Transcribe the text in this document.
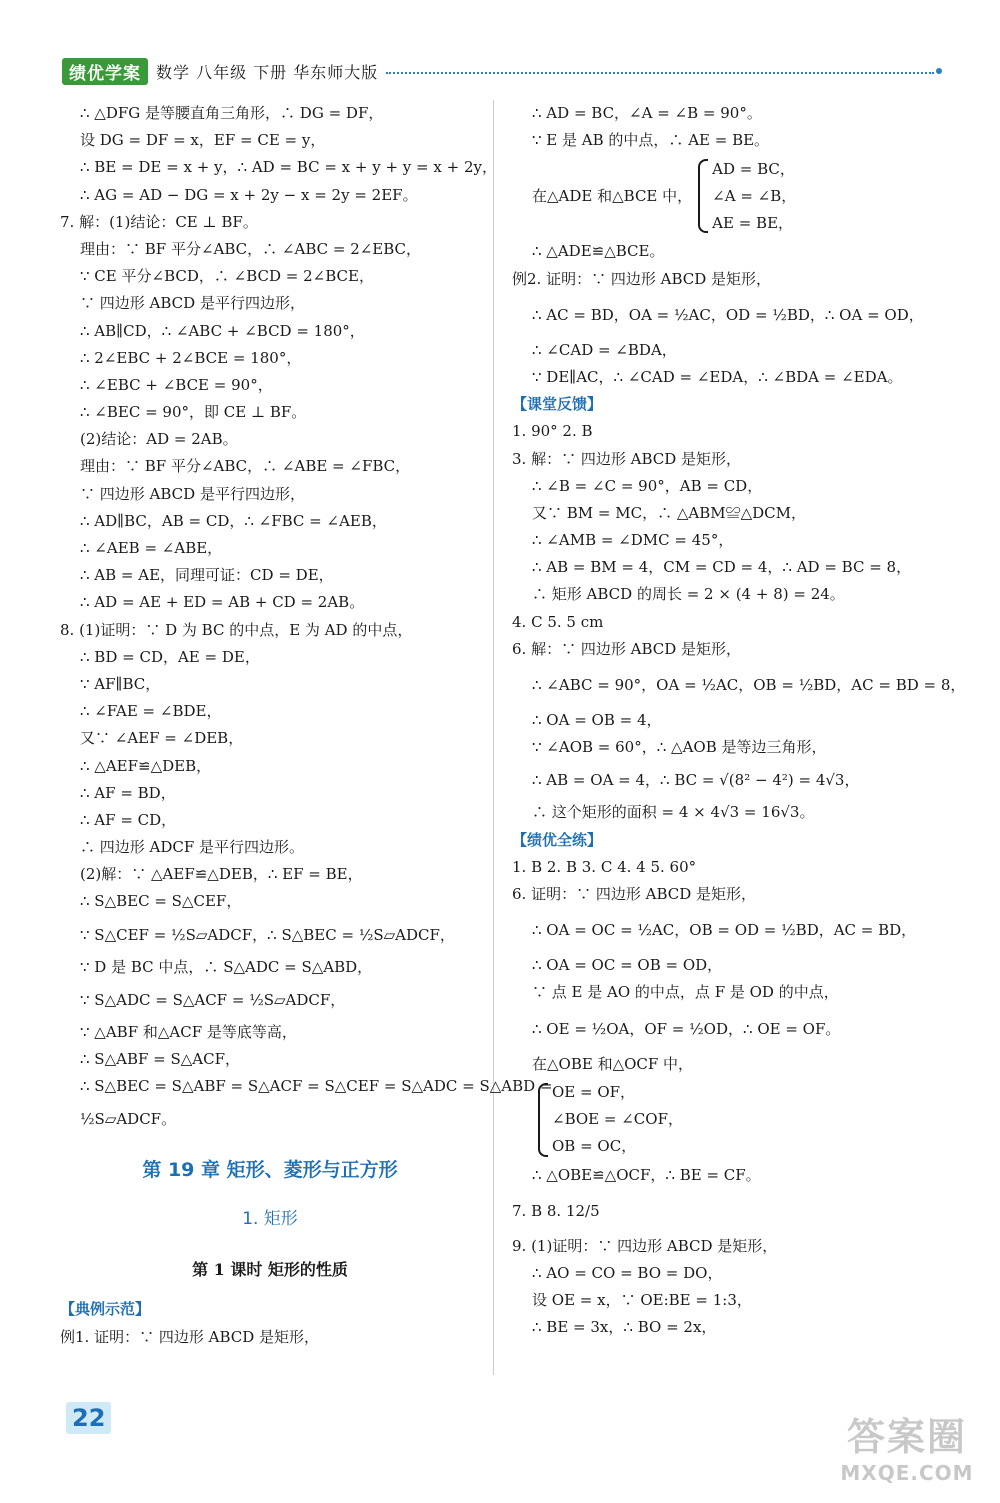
绩优学案 数学 八年级 下册 华东师大版
∴ △DFG 是等腰直角三角形，∴ DG = DF，
设 DG = DF = x，EF = CE = y，
∴ BE = DE = x + y，∴ AD = BC = x + y + y = x + 2y，
∴ AG = AD − DG = x + 2y − x = 2y = 2EF。
7. 解：(1)结论：CE ⊥ BF。
理由：∵ BF 平分∠ABC，∴ ∠ABC = 2∠EBC，
∵ CE 平分∠BCD，∴ ∠BCD = 2∠BCE，
∵ 四边形 ABCD 是平行四边形，
∴ AB∥CD，∴ ∠ABC + ∠BCD = 180°，
∴ 2∠EBC + 2∠BCE = 180°，
∴ ∠EBC + ∠BCE = 90°，
∴ ∠BEC = 90°，即 CE ⊥ BF。
(2)结论：AD = 2AB。
理由：∵ BF 平分∠ABC，∴ ∠ABE = ∠FBC，
∵ 四边形 ABCD 是平行四边形，
∴ AD∥BC，AB = CD，∴ ∠FBC = ∠AEB，
∴ ∠AEB = ∠ABE，
∴ AB = AE，同理可证：CD = DE，
∴ AD = AE + ED = AB + CD = 2AB。
8. (1)证明：∵ D 为 BC 的中点，E 为 AD 的中点，
∴ BD = CD，AE = DE，
∵ AF∥BC，
∴ ∠FAE = ∠BDE，
又∵ ∠AEF = ∠DEB，
∴ △AEF≌△DEB，
∴ AF = BD，
∴ AF = CD，
∴ 四边形 ADCF 是平行四边形。
(2)解：∵ △AEF≌△DEB，∴ EF = BE，
∴ S△BEC = S△CEF，
∵ S△CEF = ½S▱ADCF，∴ S△BEC = ½S▱ADCF，
∵ D 是 BC 中点，∴ S△ADC = S△ABD，
∵ S△ADC = S△ACF = ½S▱ADCF，
∵ △ABF 和△ACF 是等底等高，
∴ S△ABF = S△ACF，
∴ S△BEC = S△ABF = S△ACF = S△CEF = S△ADC = S△ABD =
½S▱ADCF。
第 19 章 矩形、菱形与正方形
1. 矩形
第 1 课时 矩形的性质
【典例示范】
例1. 证明：∵ 四边形 ABCD 是矩形，
∴ AD = BC，∠A = ∠B = 90°。
∵ E 是 AB 的中点，∴ AE = BE。
在△ADE 和△BCE 中，
AD = BC，
∠A = ∠B，
AE = BE，
∴ △ADE≌△BCE。
例2. 证明：∵ 四边形 ABCD 是矩形，
∴ AC = BD，OA = ½AC，OD = ½BD，∴ OA = OD，
∴ ∠CAD = ∠BDA，
∵ DE∥AC，∴ ∠CAD = ∠EDA，∴ ∠BDA = ∠EDA。
【课堂反馈】
1. 90° 2. B
3. 解：∵ 四边形 ABCD 是矩形，
∴ ∠B = ∠C = 90°，AB = CD，
又∵ BM = MC，∴ △ABM≌△DCM，
∴ ∠AMB = ∠DMC = 45°，
∴ AB = BM = 4，CM = CD = 4，∴ AD = BC = 8，
∴ 矩形 ABCD 的周长 = 2 × (4 + 8) = 24。
4. C 5. 5 cm
6. 解：∵ 四边形 ABCD 是矩形，
∴ ∠ABC = 90°，OA = ½AC，OB = ½BD，AC = BD = 8，
∴ OA = OB = 4，
∵ ∠AOB = 60°，∴ △AOB 是等边三角形，
∴ AB = OA = 4，∴ BC = √(8² − 4²) = 4√3，
∴ 这个矩形的面积 = 4 × 4√3 = 16√3。
【绩优全练】
1. B 2. B 3. C 4. 4 5. 60°
6. 证明：∵ 四边形 ABCD 是矩形，
∴ OA = OC = ½AC，OB = OD = ½BD，AC = BD，
∴ OA = OC = OB = OD，
∵ 点 E 是 AO 的中点，点 F 是 OD 的中点，
∴ OE = ½OA，OF = ½OD，∴ OE = OF。
在△OBE 和△OCF 中，
OE = OF，
∠BOE = ∠COF，
OB = OC，
∴ △OBE≌△OCF，∴ BE = CF。
7. B 8. 12/5
9. (1)证明：∵ 四边形 ABCD 是矩形，
∴ AO = CO = BO = DO，
设 OE = x，∵ OE:BE = 1:3，
∴ BE = 3x，∴ BO = 2x，
22	答案圈
MXQE.COM
